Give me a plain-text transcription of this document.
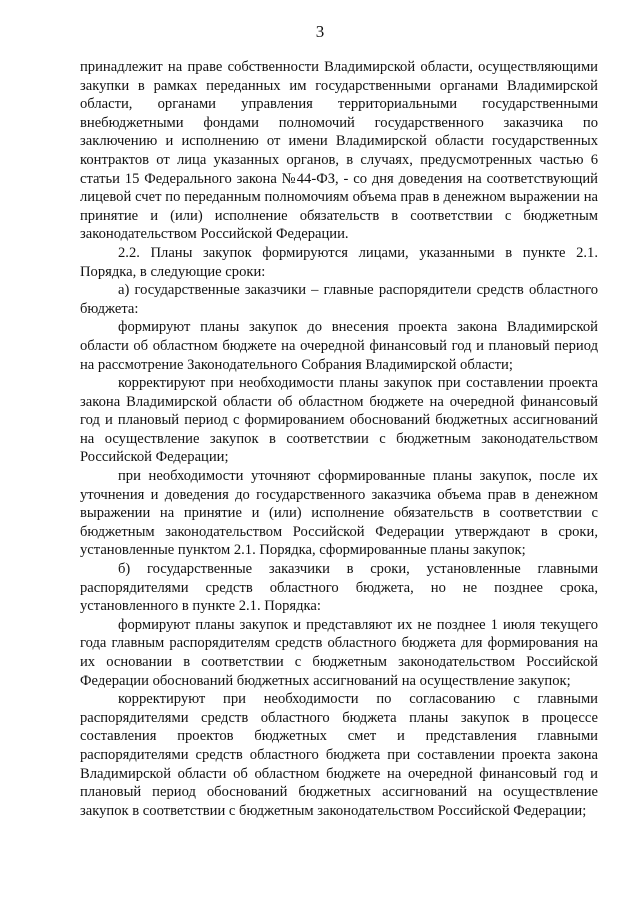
3

принадлежит на праве собственности Владимирской области, осуществляющими закупки в рамках переданных им государственными органами Владимирской области, органами управления территориальными государственными внебюджетными фондами полномочий государственного заказчика по заключению и исполнению от имени Владимирской области государственных контрактов от лица указанных органов, в случаях, предусмотренных частью 6 статьи 15 Федерального закона №44-ФЗ, - со дня доведения на соответствующий лицевой счет по переданным полномочиям объема прав в денежном выражении на принятие и (или) исполнение обязательств в соответствии с бюджетным законодательством Российской Федерации.

2.2. Планы закупок формируются лицами, указанными в пункте 2.1. Порядка, в следующие сроки:

а) государственные заказчики – главные распорядители средств областного бюджета:

формируют планы закупок до внесения проекта закона Владимирской области об областном бюджете на очередной финансовый год и плановый период на рассмотрение Законодательного Собрания Владимирской области;

корректируют при необходимости планы закупок при составлении проекта закона Владимирской области об областном бюджете на очередной финансовый год и плановый период с формированием обоснований бюджетных ассигнований на осуществление закупок в соответствии с бюджетным законодательством Российской Федерации;

при необходимости уточняют сформированные планы закупок, после их уточнения и доведения до государственного заказчика объема прав в денежном выражении на принятие и (или) исполнение обязательств в соответствии с бюджетным законодательством Российской Федерации утверждают в сроки, установленные пунктом 2.1. Порядка, сформированные планы закупок;

б) государственные заказчики в сроки, установленные главными распорядителями средств областного бюджета, но не позднее срока, установленного в пункте 2.1. Порядка:

формируют планы закупок и представляют их не позднее 1 июля текущего года главным распорядителям средств областного бюджета для формирования на их основании в соответствии с бюджетным законодательством Российской Федерации обоснований бюджетных ассигнований на осуществление закупок;

корректируют при необходимости по согласованию с главными распорядителями средств областного бюджета планы закупок в процессе составления проектов бюджетных смет и представления главными распорядителями средств областного бюджета при составлении проекта закона Владимирской области об областном бюджете на очередной финансовый год и плановый период обоснований бюджетных ассигнований на осуществление закупок в соответствии с бюджетным законодательством Российской Федерации;
